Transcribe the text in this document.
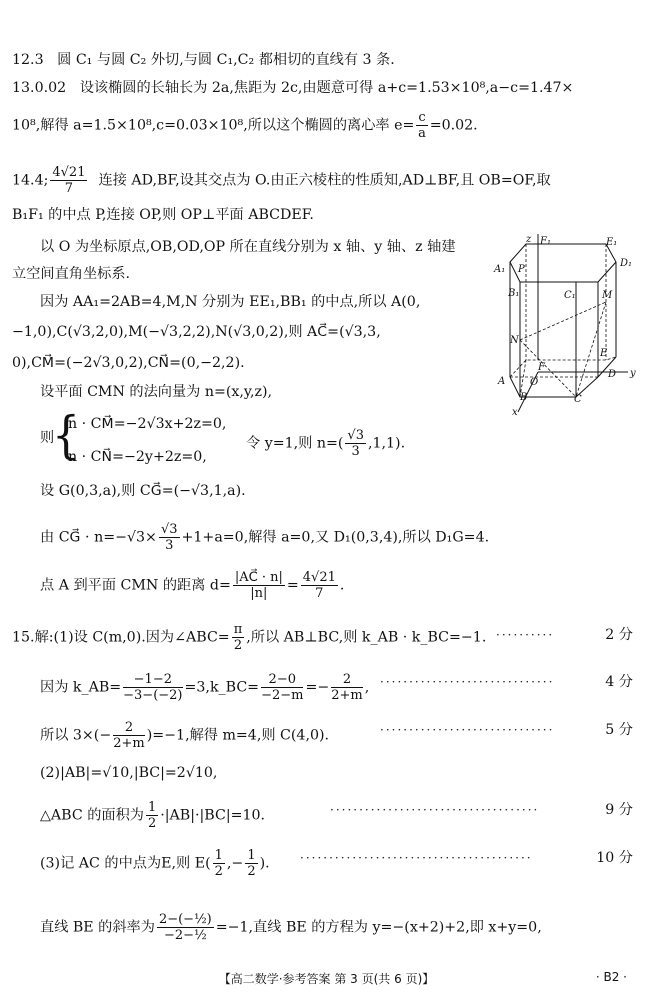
12.3 圆 C₁ 与圆 C₂ 外切,与圆 C₁,C₂ 都相切的直线有 3 条.
13.0.02 设该椭圆的长轴长为 2a,焦距为 2c,由题意可得 a+c=1.53×10⁸,a−c=1.47×
10⁸,解得 a=1.5×10⁸,c=0.03×10⁸,所以这个椭圆的离心率 $e= \frac{c}{a} =0.02$.
14.4; $\frac{4√21}{7}$ 连接 AD,BF,设其交点为 O.由正六棱柱的性质知,AD⊥BF,且 OB=OF,取
B₁F₁ 的中点 P,连接 OP,则 OP⊥平面 ABCDEF.
以 O 为坐标原点,OB,OD,OP 所在直线分别为 x 轴、y 轴、z 轴建
立空间直角坐标系.
因为 AA₁=2AB=4,M,N 分别为 EE₁,BB₁ 的中点,所以 A(0,
−1,0),C(√3,2,0),M(−√3,2,2),N(√3,0,2),则 AC⃗=(√3,3,
0),CM⃗=(−2√3,0,2),CN⃗=(0,−2,2).
设平面 CMN 的法向量为 n=(x,y,z),
则
{
n · CM⃗=−2√3x+2z=0,
n · CN⃗=−2y+2z=0,
令 y=1,则 $n=( \frac{√3}{3} ,1,1)$.
设 G(0,3,a),则 CG⃗=(−√3,1,a).
由 CG⃗ · $n=-√3\times \frac{√3}{3} +1+a=0$,解得 a=0,又 D₁(0,3,4),所以 D₁G=4.
点 A 到平面 CMN 的距离 $d= \frac{|AC⃗ \cdot n|}{|n|} = \frac{4√21}{7}$ .
z F₁	E₁
A₁ P
D₁
B₁	C₁	M
N
E
F
O
A
D y
B	C
x
15.解:(1)设 C(m,0).因为∠ABC= $\frac{\pi}{2}$ ,所以 AB⊥BC,则 k_AB · k_BC=−1. ··········	2 分
因为 k_AB= $\frac{-1-2}{-3-(-2)}$ =3,k_BC= $\frac{2-0}{-2-m} =- \frac{2}{2+m}$ , ······························	4 分
所以 $3\times(- \frac{2}{2+m} )=-1$,解得 m=4,则 C(4,0).	······························	5 分
(2)|AB|=√10,|BC|=2√10,
△ABC 的面积为 $\frac{1}{2} \cdot|AB|\cdot|BC|=10$.	····································	9 分
(3)记 AC 的中点为E,则 $E( \frac{1}{2}$ ,− $\frac{1}{2}$ ).	········································	10 分
直线 BE 的斜率为 $\frac{\text{2−(−½)}}{\text{−2−½}} =-1$,直线 BE 的方程为 y=−(x+2)+2,即 x+y=0,
【高二数学·参考答案 第 3 页(共 6 页)】	· B2 ·
